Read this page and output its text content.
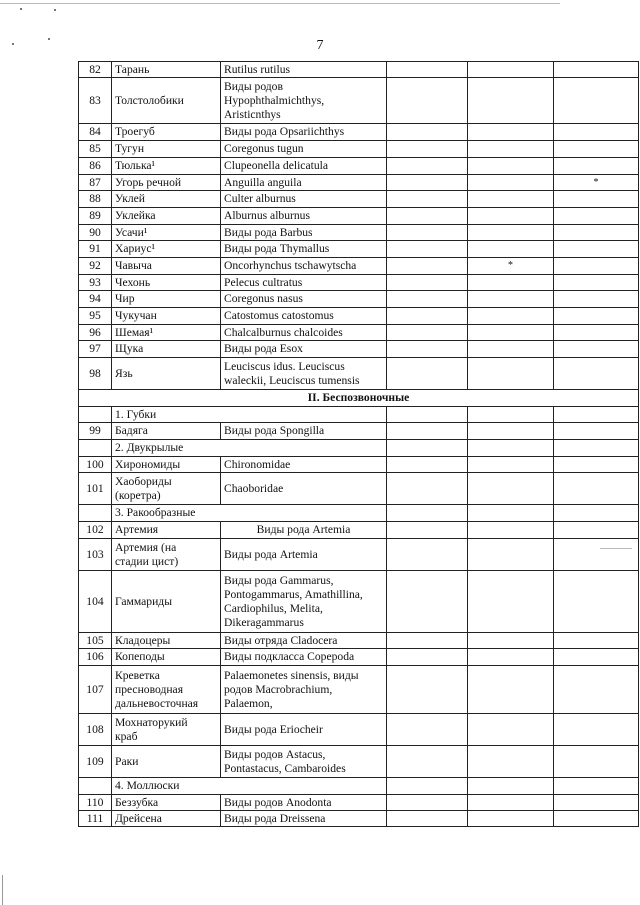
7
82	Тарань	Rutilus rutilus			
83	Толстолобики	Виды родов
Hypophthalmichthys,
Aristicnthys			
84	Троегуб	Виды рода Opsariichthys			
85	Тугун	Coregonus tugun			
86	Тюлька¹	Clupeonella delicatula			
87	Угорь речной	Anguilla anguila			*
88	Уклей	Culter alburnus			
89	Уклейка	Alburnus alburnus			
90	Усачи¹	Виды рода Barbus			
91	Хариус¹	Виды рода Thymallus			
92	Чавыча	Oncorhynchus tschawytscha		*	
93	Чехонь	Pelecus cultratus			
94	Чир	Coregonus nasus			
95	Чукучан	Catostomus catostomus			
96	Шемая¹	Chalcalburnus chalcoides			
97	Щука	Виды рода Esox			
98	Язь	Leuciscus idus. Leuciscus
waleckii, Leuciscus tumensis			
II. Беспозвоночные					
	1. Губки				
99	Бадяга	Виды рода Spongilla			
	2. Двукрылые				
100	Хирономиды	Chironomidae			
101	Хаобориды
(коретра)	Chaoboridae			
	3. Ракообразные				
102	Артемия	Виды рода Artemia			
103	Артемия (на
стадии цист)	Виды рода Artemia			
104	Гаммариды	Виды рода Gammarus,
Pontogammarus, Amathillina,
Cardiophilus, Melita,
Dikeragammarus			
105	Кладоцеры	Виды отряда Cladocera			
106	Копеподы	Виды подкласса Copepoda			
107	Креветка
пресноводная
дальневосточная	Palaemonetes sinensis, виды
родов Macrobrachium,
Palaemon,			
108	Мохнаторукий
краб	Виды рода Eriocheir			
109	Раки	Виды родов Astacus,
Pontastacus, Cambaroides			
	4. Моллюски				
110	Беззубка	Виды родов Anodonta			
111	Дрейсена	Виды рода Dreissena			
